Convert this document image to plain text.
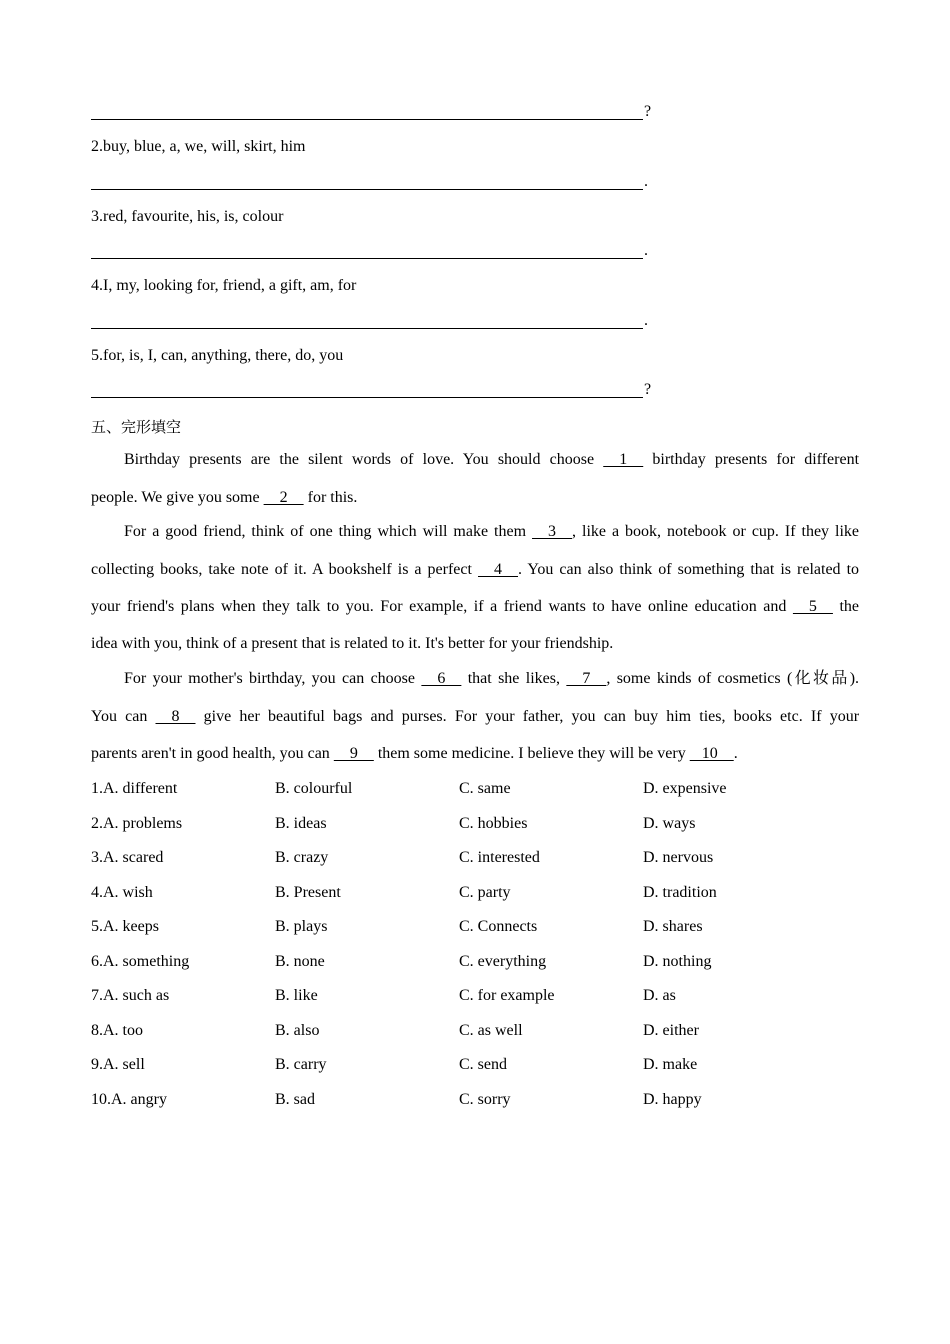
?
2.buy, blue, a, we, will, skirt, him
.
3.red, favourite, his, is, colour
.
4.I, my, looking for, friend, a gift, am, for
.
5.for, is, I, can, anything, there, do, you
?
五、完形填空
Birthday presents are the silent words of love. You should choose     1     birthday presents for different
people. We give you some     2     for this.
For a good friend, think of one thing which will make them     3    , like a book, notebook or cup. If they like
collecting books, take note of it. A bookshelf is a perfect     4    . You can also think of something that is related to
your friend's plans when they talk to you. For example, if a friend wants to have online education and     5     the
idea with you, think of a present that is related to it. It's better for your friendship.
For your mother's birthday, you can choose     6     that she likes,     7    , some kinds of cosmetics (化妆品).
You can     8     give her beautiful bags and purses. For your father, you can buy him ties, books etc. If your
parents aren't in good health, you can     9     them some medicine. I believe they will be very    10    .
1.A. different	B. colourful	C. same	D. expensive
2.A. problems	B. ideas	C. hobbies	D. ways
3.A. scared	B. crazy	C. interested	D. nervous
4.A. wish	B. Present	C. party	D. tradition
5.A. keeps	B. plays	C. Connects	D. shares
6.A. something	B. none	C. everything	D. nothing
7.A. such as	B. like	C. for example	D. as
8.A. too	B. also	C. as well	D. either
9.A. sell	B. carry	C. send	D. make
10.A. angry	B. sad	C. sorry	D. happy
